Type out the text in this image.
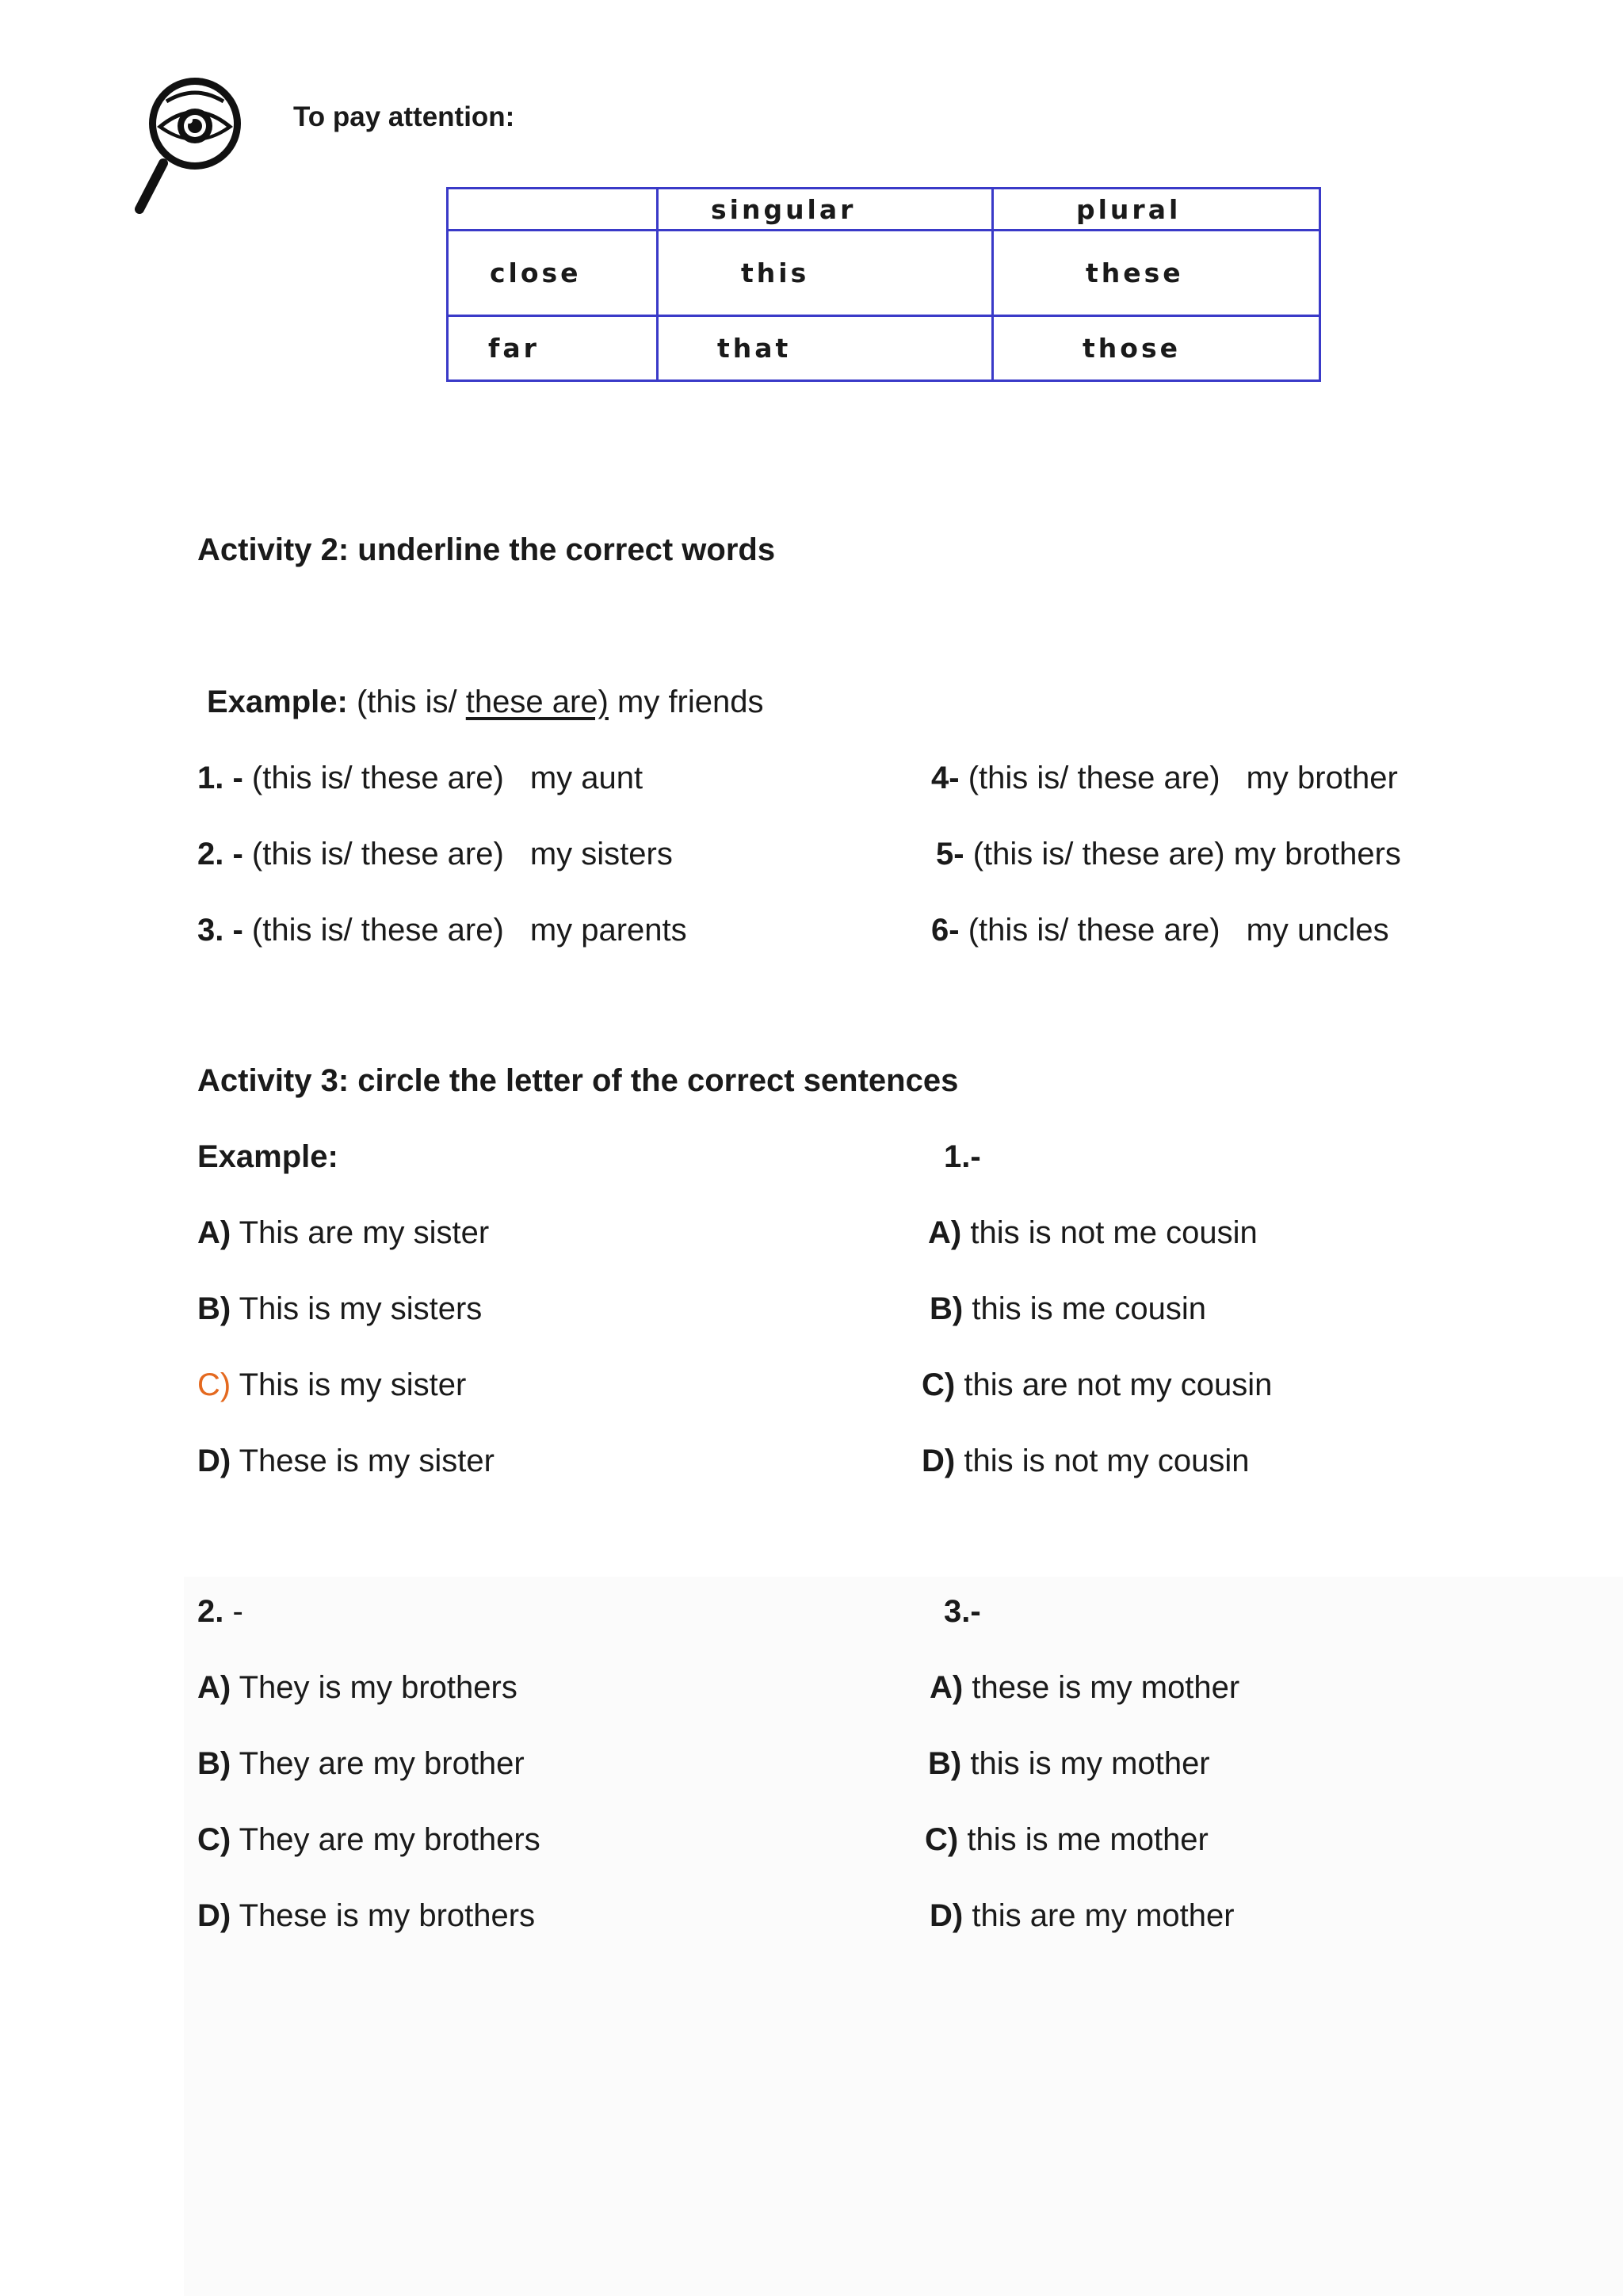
To pay attention:

	singular	plural

close	this	these

far	that	those
Activity 2: underline the correct words
Example: (this is/ these are) my friends
1. - (this is/ these are) my aunt
2. - (this is/ these are) my sisters
3. - (this is/ these are) my parents
4- (this is/ these are) my brother
5- (this is/ these are) my brothers
6- (this is/ these are) my uncles
Activity 3: circle the letter of the correct sentences
Example:
A) This are my sister
B) This is my sisters
C) This is my sister
D) These is my sister
1.-
A) this is not me cousin
B) this is me cousin
C) this are not my cousin
D) this is not my cousin
2. -
A) They is my brothers
B) They are my brother
C) They are my brothers
D) These is my brothers
3.-
A) these is my mother
B) this is my mother
C) this is me mother
D) this are my mother
